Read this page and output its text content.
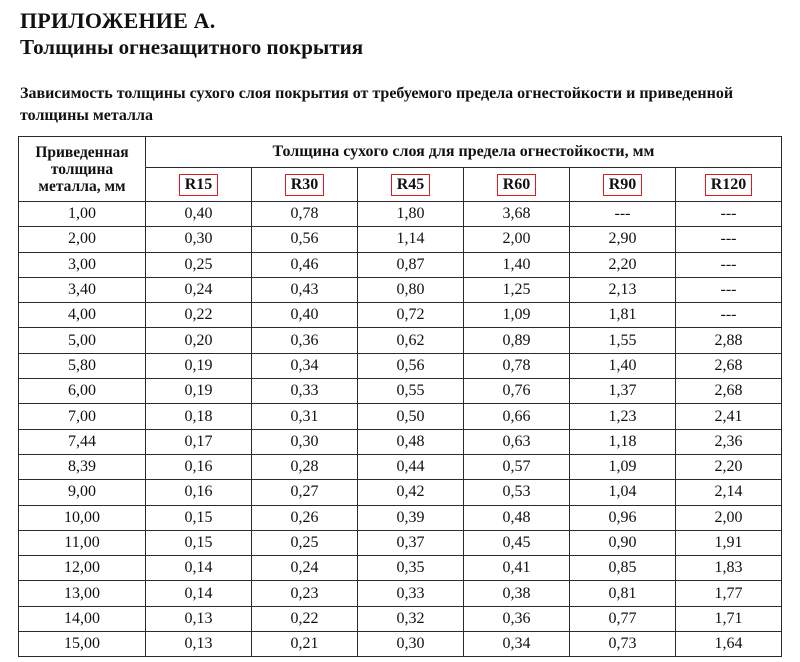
ПРИЛОЖЕНИЕ А.
Толщины огнезащитного покрытия
Зависимость толщины сухого слоя покрытия от требуемого предела огнестойкости и приведенной толщины металла
Приведенная толщина металла, мм	Толщина сухого слоя для предела огнестойкости, мм					
	R15	R30	R45	R60	R90	R120
1,00	0,40	0,78	1,80	3,68	---	---
2,00	0,30	0,56	1,14	2,00	2,90	---
3,00	0,25	0,46	0,87	1,40	2,20	---
3,40	0,24	0,43	0,80	1,25	2,13	---
4,00	0,22	0,40	0,72	1,09	1,81	---
5,00	0,20	0,36	0,62	0,89	1,55	2,88
5,80	0,19	0,34	0,56	0,78	1,40	2,68
6,00	0,19	0,33	0,55	0,76	1,37	2,68
7,00	0,18	0,31	0,50	0,66	1,23	2,41
7,44	0,17	0,30	0,48	0,63	1,18	2,36
8,39	0,16	0,28	0,44	0,57	1,09	2,20
9,00	0,16	0,27	0,42	0,53	1,04	2,14
10,00	0,15	0,26	0,39	0,48	0,96	2,00
11,00	0,15	0,25	0,37	0,45	0,90	1,91
12,00	0,14	0,24	0,35	0,41	0,85	1,83
13,00	0,14	0,23	0,33	0,38	0,81	1,77
14,00	0,13	0,22	0,32	0,36	0,77	1,71
15,00	0,13	0,21	0,30	0,34	0,73	1,64
